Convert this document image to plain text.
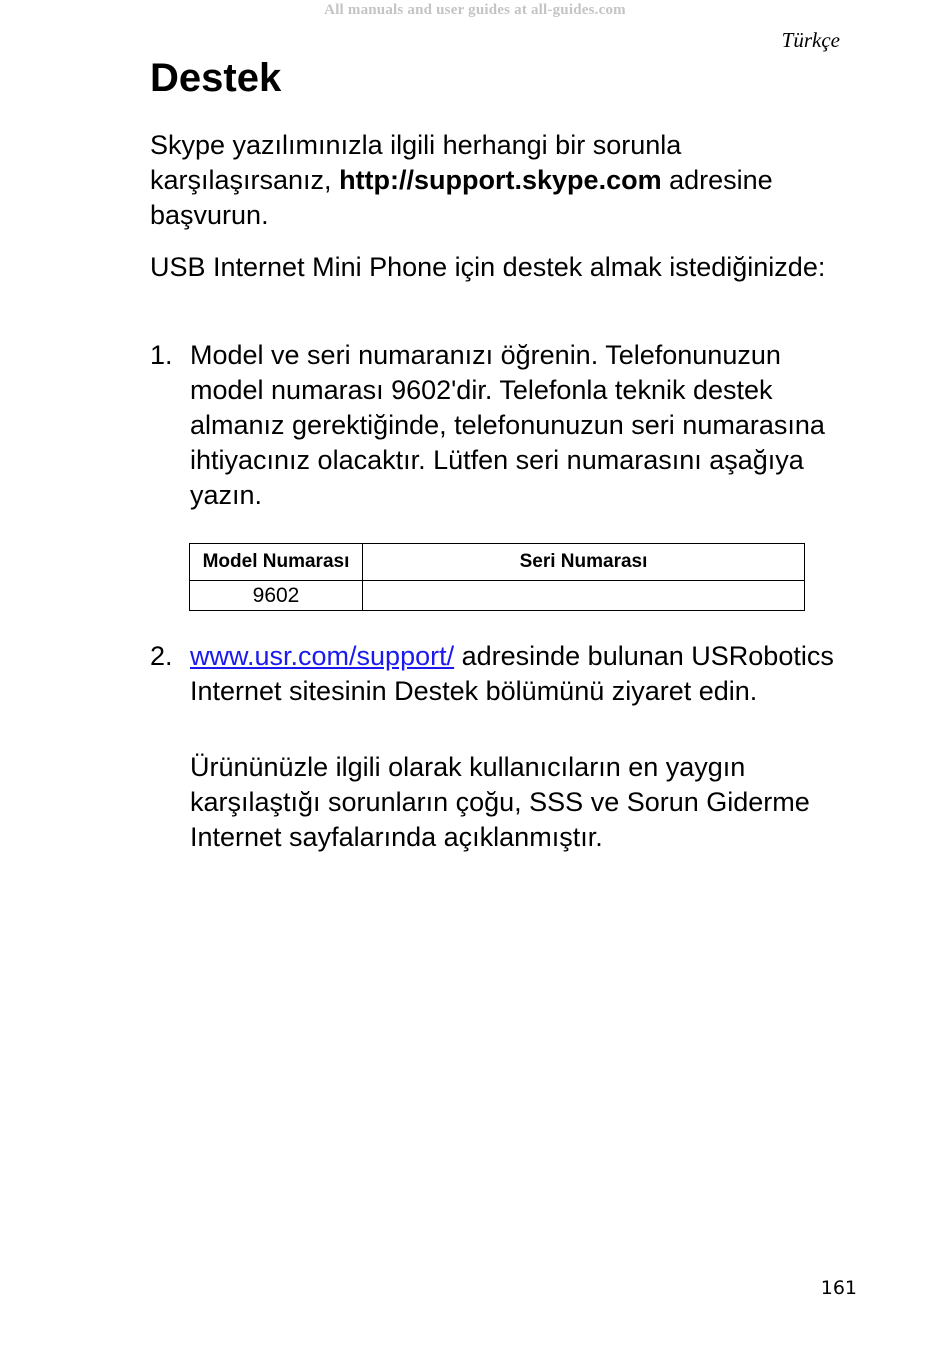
All manuals and user guides at all-guides.com
Türkçe
Destek

Skype yazılımınızla ilgili herhangi bir sorunla karşılaşırsanız, http://support.skype.com adresine başvurun.

USB Internet Mini Phone için destek almak istediğinizde:

1. Model ve seri numaranızı öğrenin. Telefonunuzun model numarası 9602'dir. Telefonla teknik destek almanız gerektiğinde, telefonunuzun seri numarasına ihtiyacınız olacaktır. Lütfen seri numarasını aşağıya yazın.
Model Numarası	Seri Numarası
9602	
2. www.usr.com/support/ adresinde bulunan USRobotics Internet sitesinin Destek bölümünü ziyaret edin.
Ürününüzle ilgili olarak kullanıcıların en yaygın karşılaştığı sorunların çoğu, SSS ve Sorun Giderme Internet sayfalarında açıklanmıştır.
161
